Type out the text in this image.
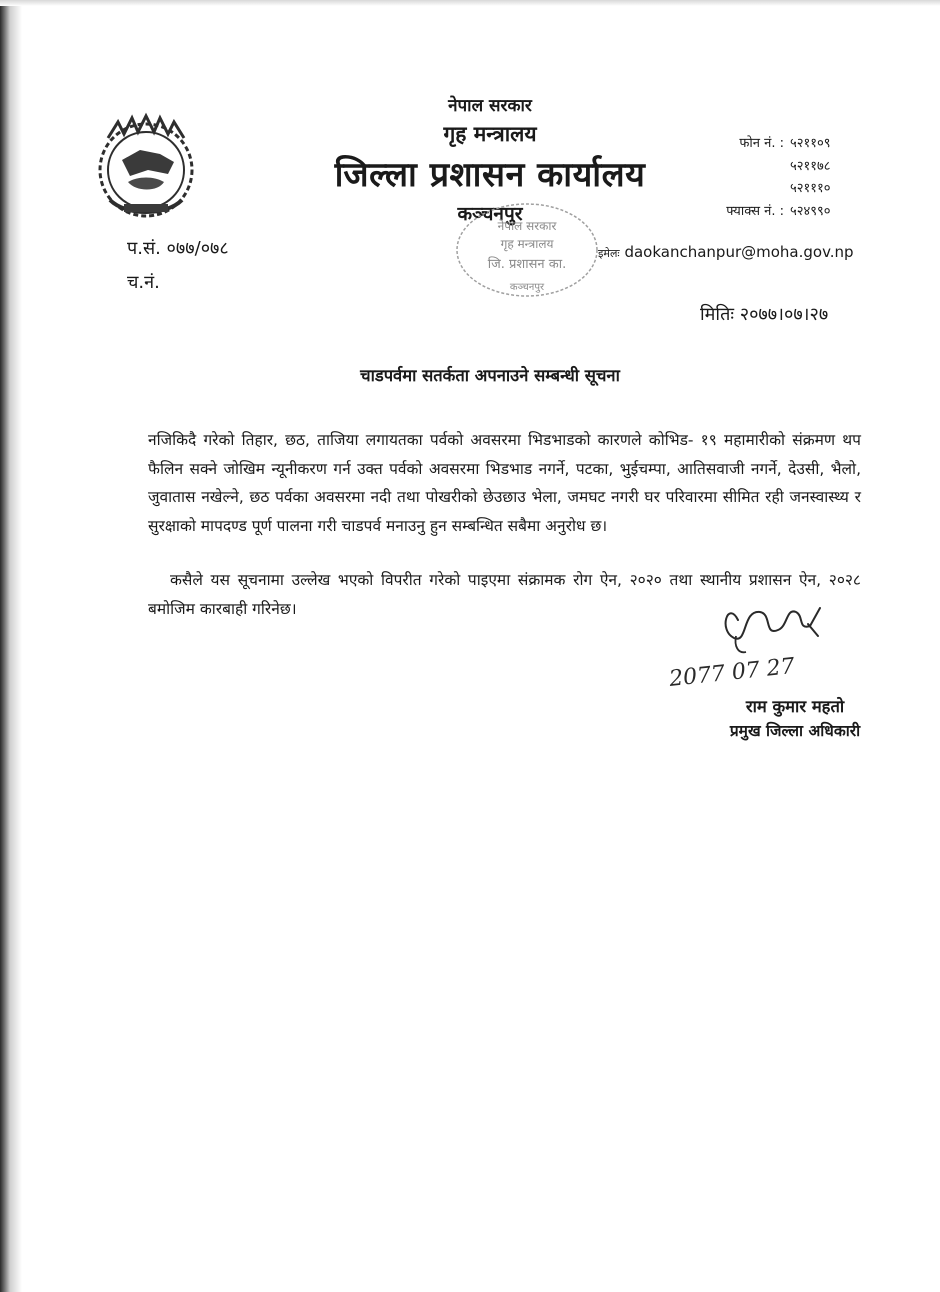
नेपाल सरकार
गृह मन्त्रालय
जिल्ला प्रशासन कार्यालय
कञ्चनपुर
नेपाल सरकार
गृह मन्त्रालय
जि. प्रशासन का.
कञ्चनपुर
फोन नं. : ५२११०९
५२११७८
५२१११०
फ्याक्स नं. : ५२४९९०
इमेलः daokanchanpur@moha.gov.np
प.सं. ०७७/०७८
च.नं.
मितिः २०७७।०७।२७
चाडपर्वमा सतर्कता अपनाउने सम्बन्धी सूचना
नजिकिदै गरेको तिहार, छठ, ताजिया लगायतका पर्वको अवसरमा भिडभाडको कारणले कोभिड- १९ महामारीको संक्रमण थप फैलिन सक्ने जोखिम न्यूनीकरण गर्न उक्त पर्वको अवसरमा भिडभाड नगर्ने, पटका, भुईचम्पा, आतिसवाजी नगर्ने, देउसी, भैलो, जुवातास नखेल्ने, छठ पर्वका अवसरमा नदी तथा पोखरीको छेउछाउ भेला, जमघट नगरी घर परिवारमा सीमित रही जनस्वास्थ्य र सुरक्षाको मापदण्ड पूर्ण पालना गरी चाडपर्व मनाउनु हुन सम्बन्धित सबैमा अनुरोध छ।
कसैले यस सूचनामा उल्लेख भएको विपरीत गरेको पाइएमा संक्रामक रोग ऐन, २०२० तथा स्थानीय प्रशासन ऐन, २०२८ बमोजिम कारबाही गरिनेछ।
2077 07 27
राम कुमार महतो
प्रमुख जिल्ला अधिकारी
